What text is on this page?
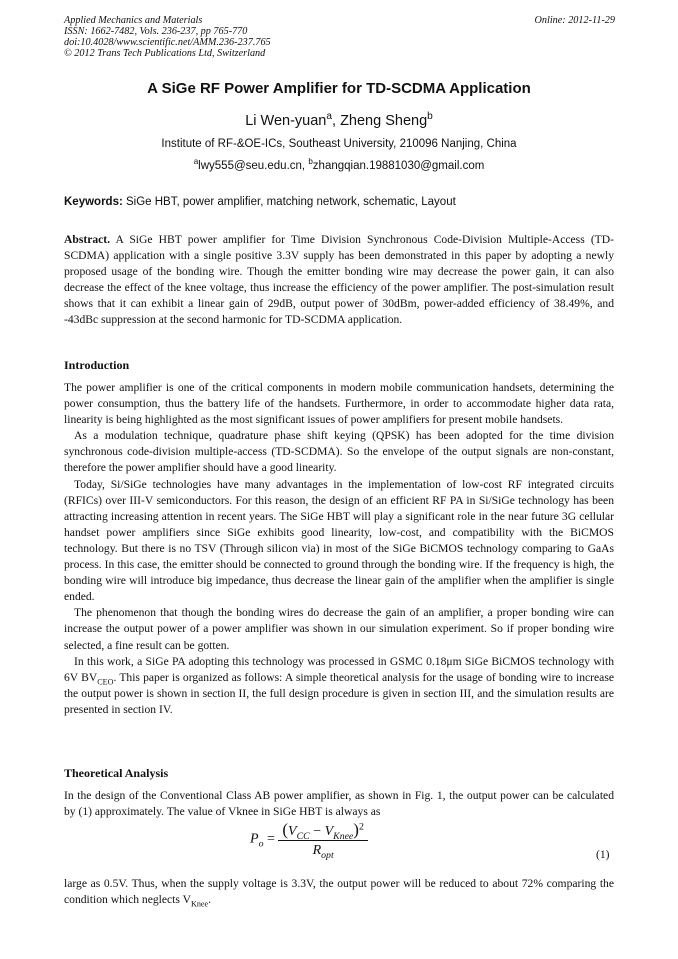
Applied Mechanics and Materials
ISSN: 1662-7482, Vols. 236-237, pp 765-770
doi:10.4028/www.scientific.net/AMM.236-237.765
© 2012 Trans Tech Publications Ltd, Switzerland
Online: 2012-11-29
A SiGe RF Power Amplifier for TD-SCDMA Application
Li Wen-yuan$^a$, Zheng Sheng$^b$
Institute of RF-&OE-ICs, Southeast University, 210096 Nanjing, China
$^a$lwy555@seu.edu.cn, $^b$zhangqian.19881030@gmail.com
Keywords: SiGe HBT, power amplifier, matching network, schematic, Layout

Abstract. A SiGe HBT power amplifier for Time Division Synchronous Code-Division Multiple-Access (TD-SCDMA) application with a single positive 3.3V supply has been demonstrated in this paper by adopting a newly proposed usage of the bonding wire. Though the emitter bonding wire may decrease the power gain, it can also decrease the effect of the knee voltage, thus increase the efficiency of the power amplifier. The post-simulation result shows that it can exhibit a linear gain of 29dB, output power of 30dBm, power-added efficiency of 38.49%, and -43dBc suppression at the second harmonic for TD-SCDMA application.

Introduction

The power amplifier is one of the critical components in modern mobile communication handsets, determining the power consumption, thus the battery life of the handsets. Furthermore, in order to accommodate higher data rata, linearity is being highlighted as the most significant issues of power amplifiers for present mobile handsets.

As a modulation technique, quadrature phase shift keying (QPSK) has been adopted for the time division synchronous code-division multiple-access (TD-SCDMA). So the envelope of the output signals are non-constant, therefore the power amplifier should have a good linearity.

Today, Si/SiGe technologies have many advantages in the implementation of low-cost RF integrated circuits (RFICs) over III-V semiconductors. For this reason, the design of an efficient RF PA in Si/SiGe technology has been attracting increasing attention in recent years. The SiGe HBT will play a significant role in the near future 3G cellular handset power amplifiers since SiGe exhibits good linearity, low-cost, and compatibility with the BiCMOS technology. But there is no TSV (Through silicon via) in most of the SiGe BiCMOS technology comparing to GaAs process. In this case, the emitter should be connected to ground through the bonding wire. If the frequency is high, the bonding wire will introduce big impedance, thus decrease the linear gain of the amplifier when the amplifier is single ended.

The phenomenon that though the bonding wires do decrease the gain of an amplifier, a proper bonding wire can increase the output power of a power amplifier was shown in our simulation experiment. So if proper bonding wire selected, a fine result can be gotten.

In this work, a SiGe PA adopting this technology was processed in GSMC 0.18μm SiGe BiCMOS technology with 6V $BV_{CEO}$. This paper is organized as follows: A simple theoretical analysis for the usage of bonding wire to increase the output power is shown in section II, the full design procedure is given in section III, and the simulation results are presented in section IV.

Theoretical Analysis
In the design of the Conventional Class AB power amplifier, as shown in Fig. 1, the output power can be calculated by (1) approximately. The value of Vknee in SiGe HBT is always as
$P_o = \frac{(V_{CC} - V_{Knee})^2}{R_{opt}}$	(1)
large as 0.5V. Thus, when the supply voltage is 3.3V, the output power will be reduced to about 72% comparing the condition which neglects $V_{Knee}$.
